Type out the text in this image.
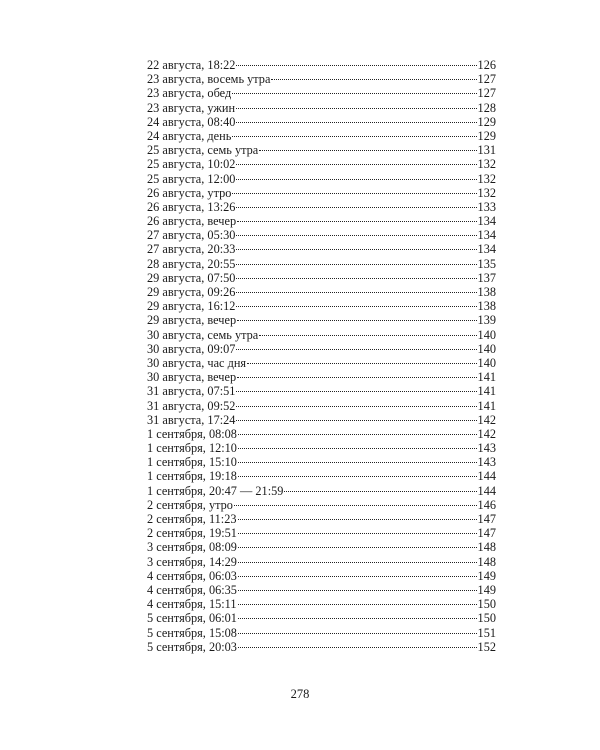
22 августа, 18:22	126
23 августа, восемь утра	127
23 августа, обед	127
23 августа, ужин	128
24 августа, 08:40	129
24 августа, день	129
25 августа, семь утра	131
25 августа, 10:02	132
25 августа, 12:00	132
26 августа, утро	132
26 августа, 13:26	133
26 августа, вечер	134
27 августа, 05:30	134
27 августа, 20:33	134
28 августа, 20:55	135
29 августа, 07:50	137
29 августа, 09:26	138
29 августа, 16:12	138
29 августа, вечер	139
30 августа, семь утра	140
30 августа, 09:07	140
30 августа, час дня	140
30 августа, вечер	141
31 августа, 07:51	141
31 августа, 09:52	141
31 августа, 17:24	142
1 сентября, 08:08	142
1 сентября, 12:10	143
1 сентября, 15:10	143
1 сентября, 19:18	144
1 сентября, 20:47 — 21:59	144
2 сентября, утро	146
2 сентября, 11:23	147
2 сентября, 19:51	147
3 сентября, 08:09	148
3 сентября, 14:29	148
4 сентября, 06:03	149
4 сентября, 06:35	149
4 сентября, 15:11	150
5 сентября, 06:01	150
5 сентября, 15:08	151
5 сентября, 20:03	152
278
